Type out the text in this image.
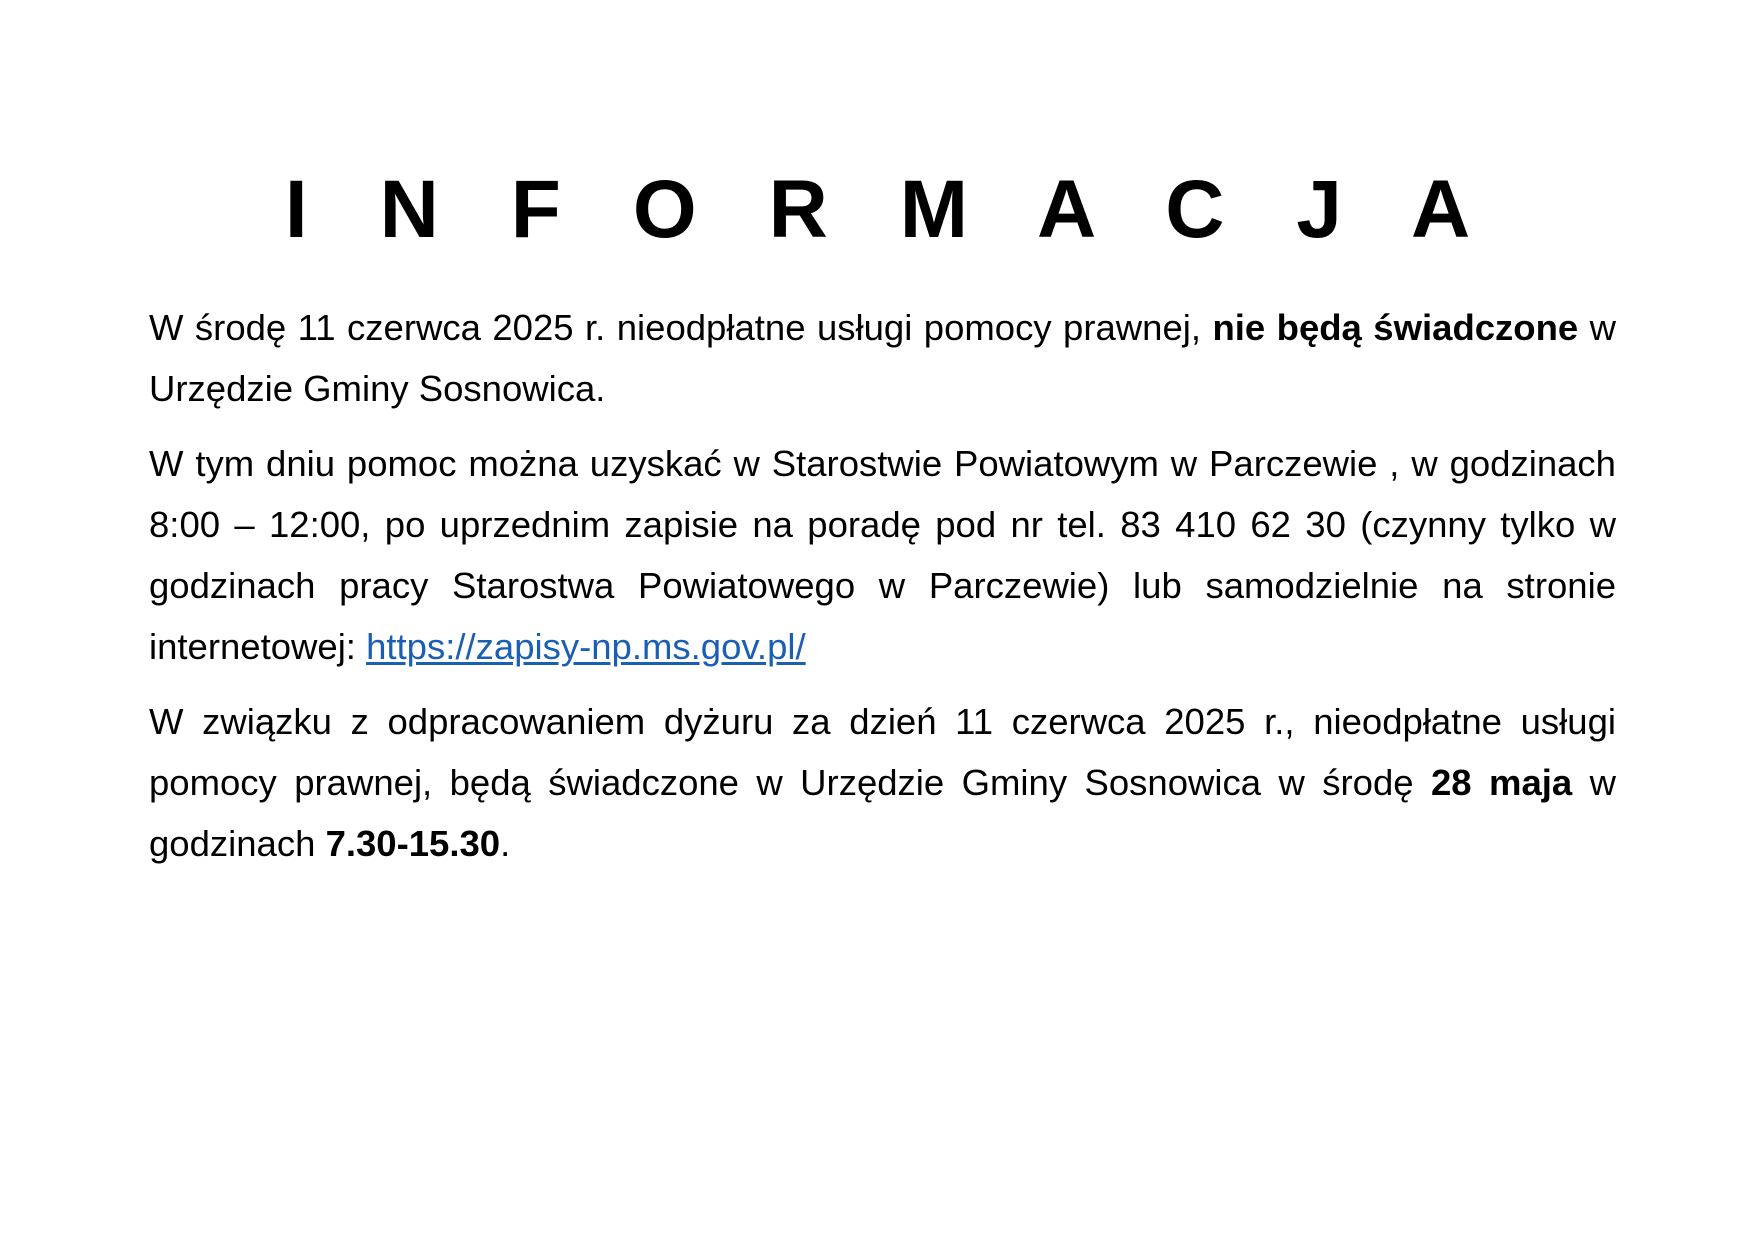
I N F O R M A C J A

W środę 11 czerwca 2025 r. nieodpłatne usługi pomocy prawnej, nie będą świadczone w Urzędzie Gminy Sosnowica.

W tym dniu pomoc można uzyskać w Starostwie Powiatowym w Parczewie , w godzinach 8:00 – 12:00, po uprzednim zapisie na poradę pod nr tel. 83 410 62 30 (czynny tylko w godzinach pracy Starostwa Powiatowego w Parczewie) lub samodzielnie na stronie internetowej: https://zapisy-np.ms.gov.pl/

W związku z odpracowaniem dyżuru za dzień 11 czerwca 2025 r., nieodpłatne usługi pomocy prawnej, będą świadczone w Urzędzie Gminy Sosnowica w środę 28 maja w godzinach 7.30-15.30.
